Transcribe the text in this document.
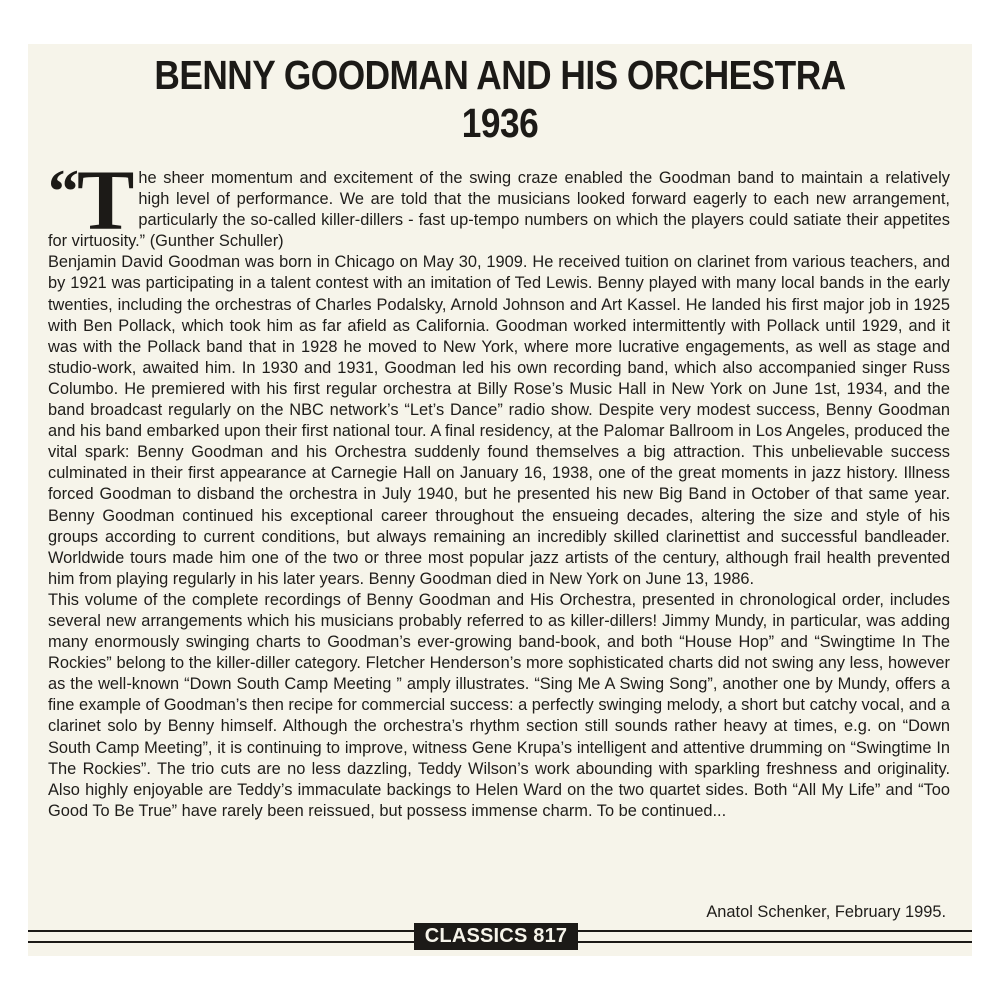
BENNY GOODMAN AND HIS ORCHESTRA
1936

“ T he sheer momentum and excitement of the swing craze enabled the Goodman band to maintain a relatively high level of performance. We are told that the musicians looked forward eagerly to each new arrangement, particularly the so-called killer-dillers - fast up-tempo numbers on which the players could satiate their appetites for virtuosity.” (Gunther Schuller)

Benjamin David Goodman was born in Chicago on May 30, 1909. He received tuition on clarinet from various teachers, and by 1921 was participating in a talent contest with an imitation of Ted Lewis. Benny played with many local bands in the early twenties, including the orchestras of Charles Podalsky, Arnold Johnson and Art Kassel. He landed his first major job in 1925 with Ben Pollack, which took him as far afield as California. Goodman worked intermittently with Pollack until 1929, and it was with the Pollack band that in 1928 he moved to New York, where more lucrative engagements, as well as stage and studio-work, awaited him. In 1930 and 1931, Goodman led his own recording band, which also accompanied singer Russ Columbo. He premiered with his first regular orchestra at Billy Rose’s Music Hall in New York on June 1st, 1934, and the band broadcast regularly on the NBC network’s “Let’s Dance” radio show. Despite very modest success, Benny Goodman and his band embarked upon their first national tour. A final residency, at the Palomar Ballroom in Los Angeles, produced the vital spark: Benny Goodman and his Orchestra suddenly found themselves a big attraction. This unbelievable success culminated in their first appearance at Carnegie Hall on January 16, 1938, one of the great moments in jazz history. Illness forced Goodman to disband the orchestra in July 1940, but he presented his new Big Band in October of that same year. Benny Goodman continued his exceptional career throughout the ensueing decades, altering the size and style of his groups according to current conditions, but always remaining an incredibly skilled clarinettist and successful bandleader. Worldwide tours made him one of the two or three most popular jazz artists of the century, although frail health prevented him from playing regularly in his later years. Benny Goodman died in New York on June 13, 1986.

This volume of the complete recordings of Benny Goodman and His Orchestra, presented in chronological order, includes several new arrangements which his musicians probably referred to as killer-dillers! Jimmy Mundy, in particular, was adding many enormously swinging charts to Goodman’s ever-growing band-book, and both “House Hop” and “Swingtime In The Rockies” belong to the killer-diller category. Fletcher Henderson’s more sophisticated charts did not swing any less, however as the well-known “Down South Camp Meeting ” amply illustrates. “Sing Me A Swing Song”, another one by Mundy, offers a fine example of Goodman’s then recipe for commercial success: a perfectly swinging melody, a short but catchy vocal, and a clarinet solo by Benny himself. Although the orchestra’s rhythm section still sounds rather heavy at times, e.g. on “Down South Camp Meeting”, it is continuing to improve, witness Gene Krupa’s intelligent and attentive drumming on “Swingtime In The Rockies”. The trio cuts are no less dazzling, Teddy Wilson’s work abounding with sparkling freshness and originality. Also highly enjoyable are Teddy’s immaculate backings to Helen Ward on the two quartet sides. Both “All My Life” and “Too Good To Be True” have rarely been reissued, but possess immense charm. To be continued...

Anatol Schenker, February 1995.
CLASSICS 817
